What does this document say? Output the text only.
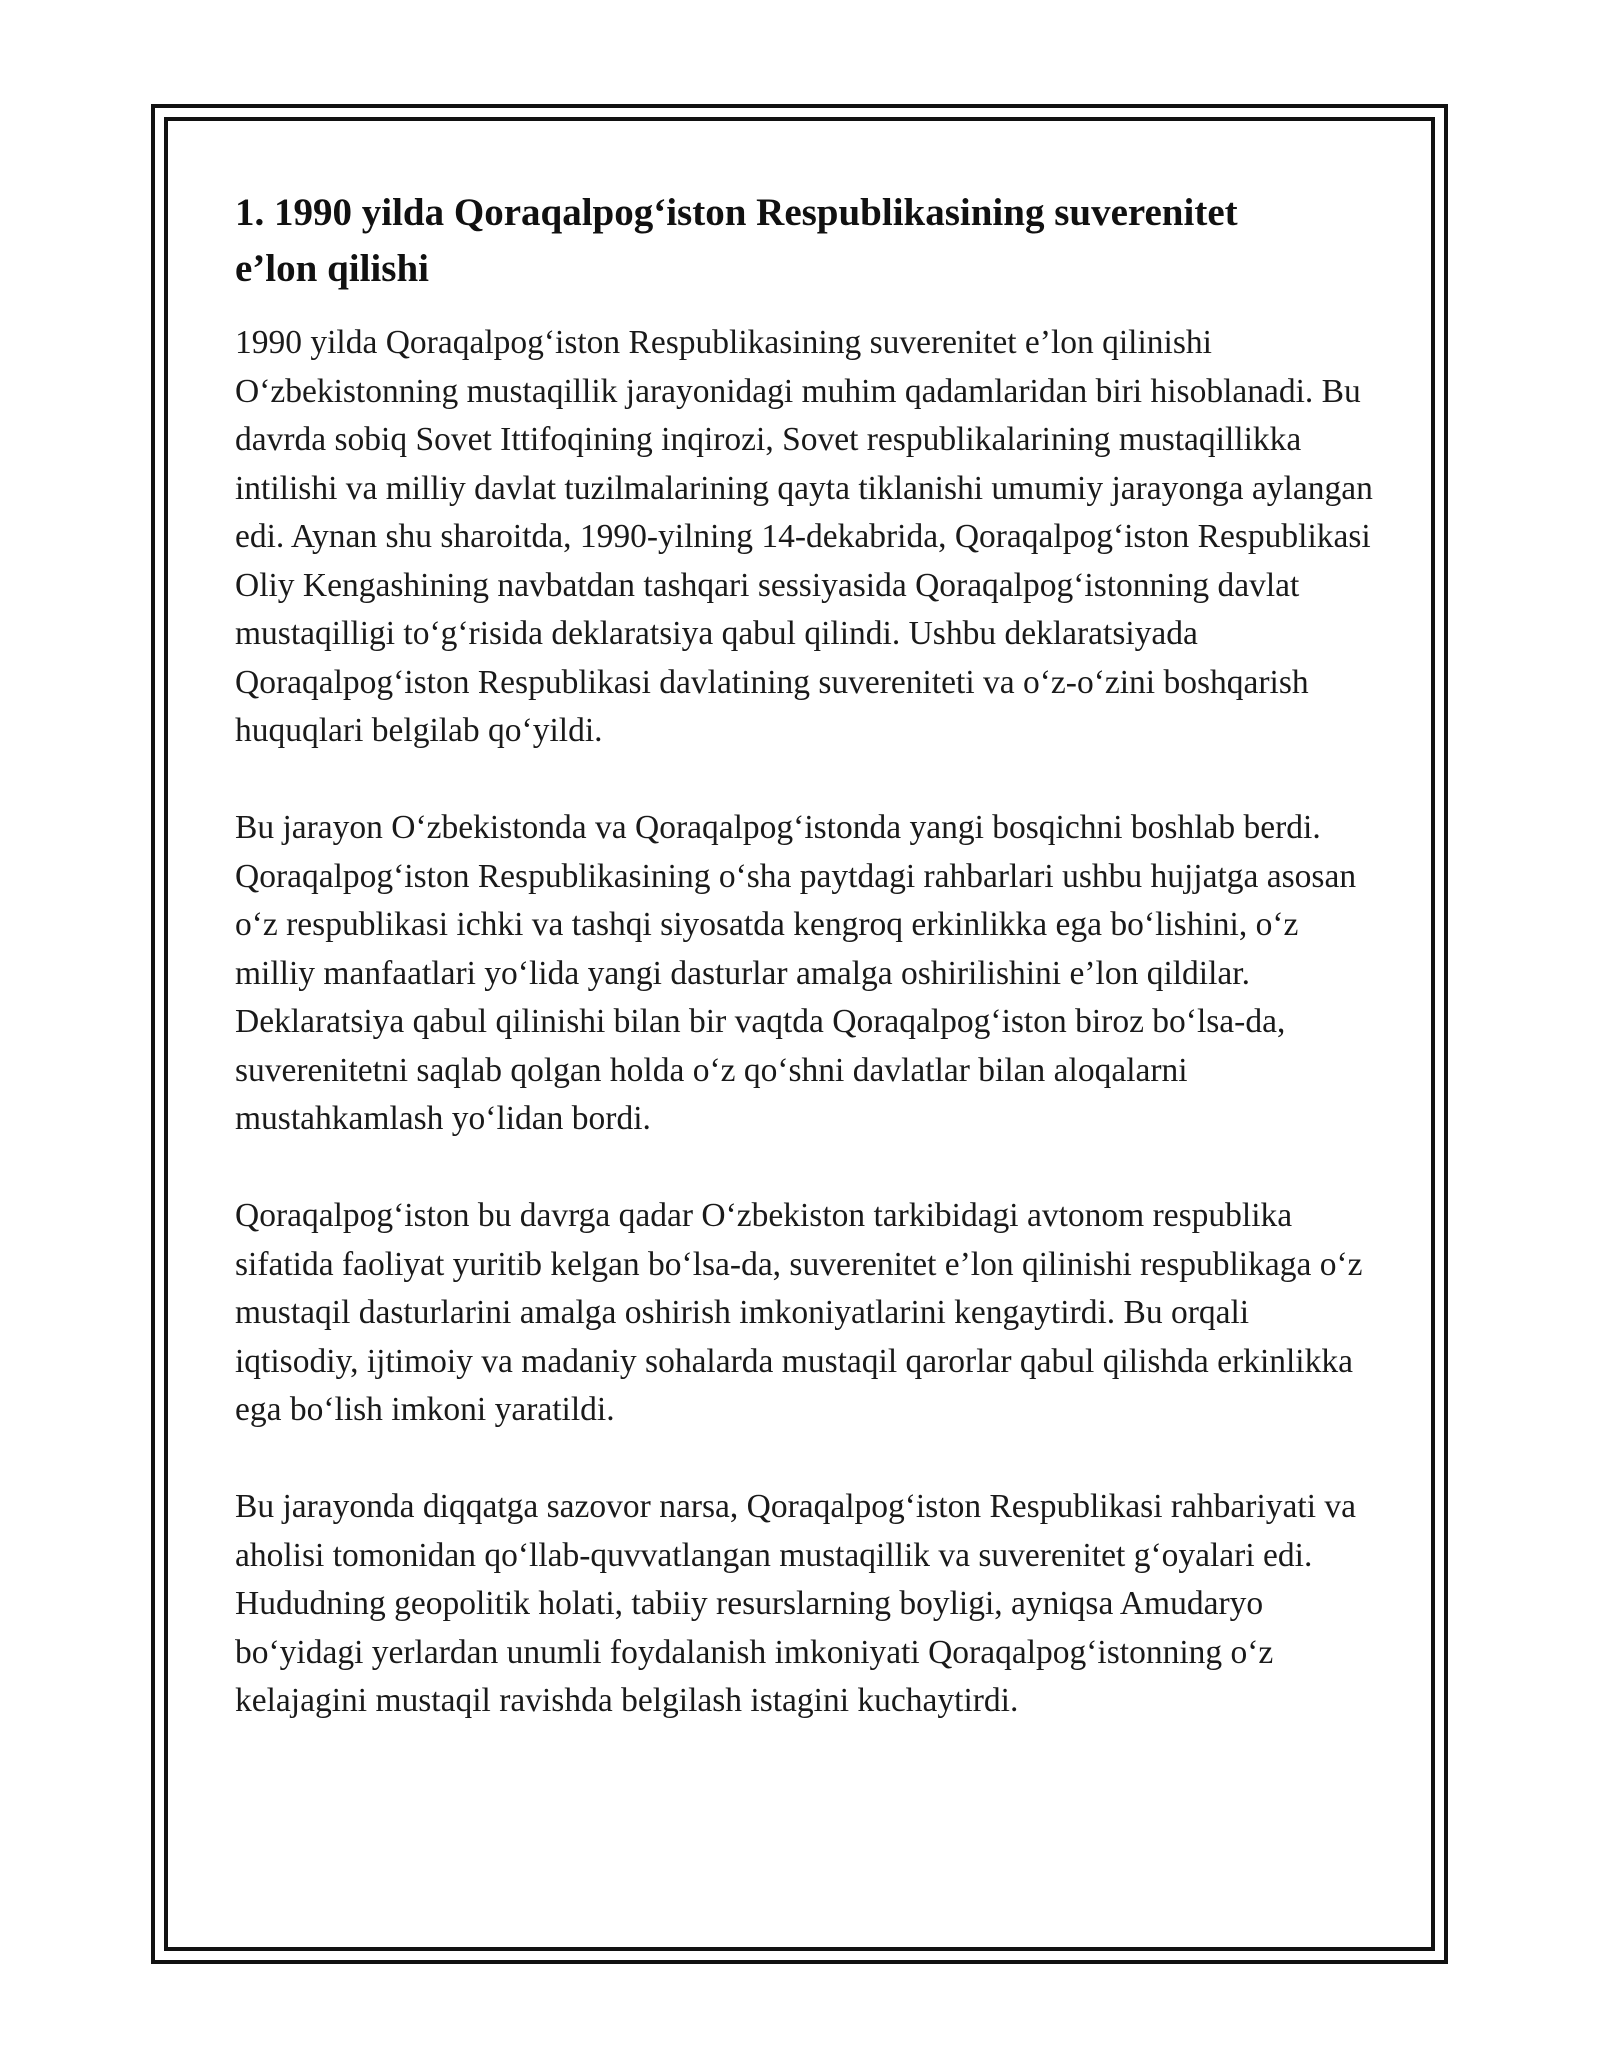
1. 1990 yilda Qoraqalpog‘iston Respublikasining suverenitet
e’lon qilishi

1990 yilda Qoraqalpog‘iston Respublikasining suverenitet e’lon qilinishi O‘zbekistonning mustaqillik jarayonidagi muhim qadamlaridan biri hisoblanadi. Bu davrda sobiq Sovet Ittifoqining inqirozi, Sovet respublikalarining mustaqillikka intilishi va milliy davlat tuzilmalarining qayta tiklanishi umumiy jarayonga aylangan edi. Aynan shu sharoitda, 1990-yilning 14-dekabrida, Qoraqalpog‘iston Respublikasi Oliy Kengashining navbatdan tashqari sessiyasida Qoraqalpog‘istonning davlat mustaqilligi to‘g‘risida deklaratsiya qabul qilindi. Ushbu deklaratsiyada Qoraqalpog‘iston Respublikasi davlatining suvereniteti va o‘z-o‘zini boshqarish huquqlari belgilab qo‘yildi.

Bu jarayon O‘zbekistonda va Qoraqalpog‘istonda yangi bosqichni boshlab berdi. Qoraqalpog‘iston Respublikasining o‘sha paytdagi rahbarlari ushbu hujjatga asosan o‘z respublikasi ichki va tashqi siyosatda kengroq erkinlikka ega bo‘lishini, o‘z milliy manfaatlari yo‘lida yangi dasturlar amalga oshirilishini e’lon qildilar. Deklaratsiya qabul qilinishi bilan bir vaqtda Qoraqalpog‘iston biroz bo‘lsa-da, suverenitetni saqlab qolgan holda o‘z qo‘shni davlatlar bilan aloqalarni mustahkamlash yo‘lidan bordi.

Qoraqalpog‘iston bu davrga qadar O‘zbekiston tarkibidagi avtonom respublika sifatida faoliyat yuritib kelgan bo‘lsa-da, suverenitet e’lon qilinishi respublikaga o‘z mustaqil dasturlarini amalga oshirish imkoniyatlarini kengaytirdi. Bu orqali iqtisodiy, ijtimoiy va madaniy sohalarda mustaqil qarorlar qabul qilishda erkinlikka ega bo‘lish imkoni yaratildi.

Bu jarayonda diqqatga sazovor narsa, Qoraqalpog‘iston Respublikasi rahbariyati va aholisi tomonidan qo‘llab-quvvatlangan mustaqillik va suverenitet g‘oyalari edi. Hududning geopolitik holati, tabiiy resurslarning boyligi, ayniqsa Amudaryo bo‘yidagi yerlardan unumli foydalanish imkoniyati Qoraqalpog‘istonning o‘z kelajagini mustaqil ravishda belgilash istagini kuchaytirdi.
